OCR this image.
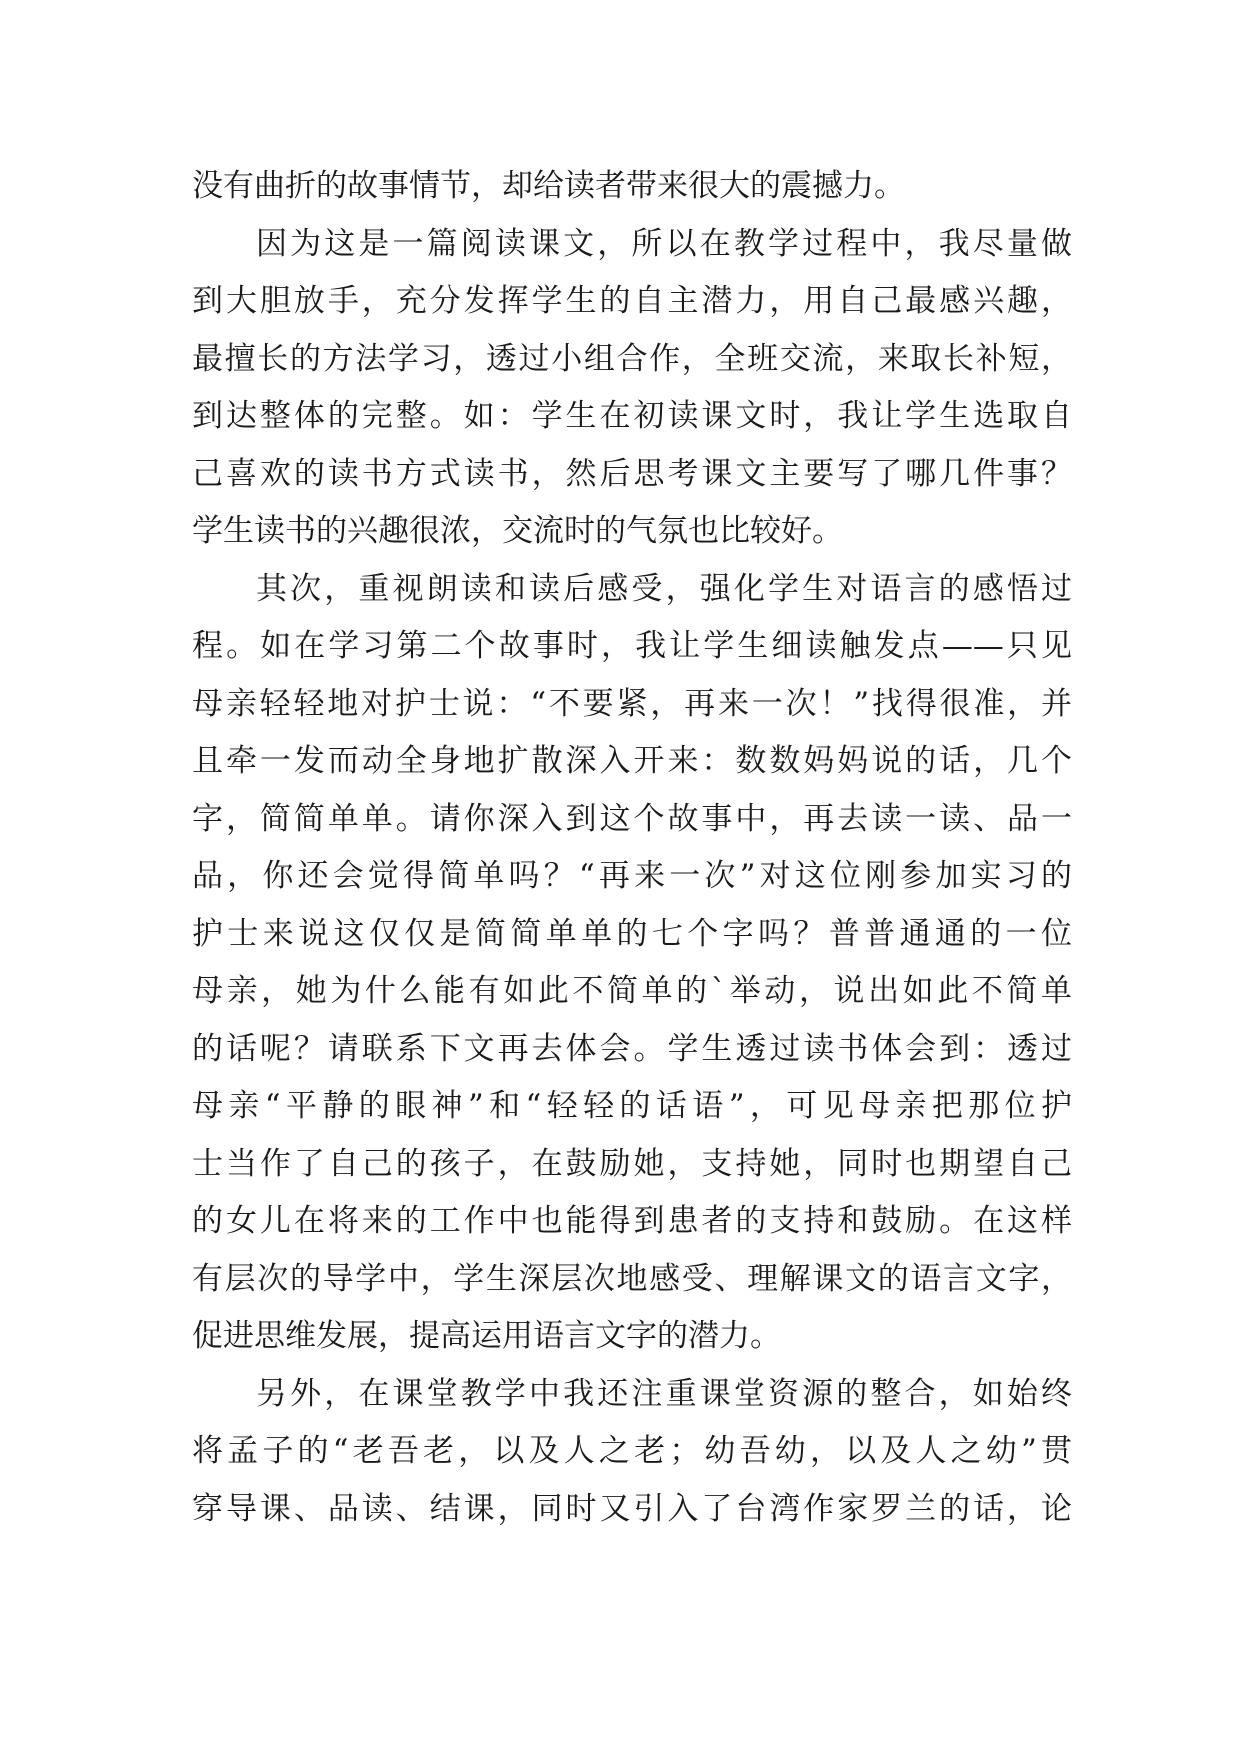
没有曲折的故事情节，却给读者带来很大的震撼力。
因为这是一篇阅读课文，所以在教学过程中，我尽量做
到大胆放手，充分发挥学生的自主潜力，用自己最感兴趣，
最擅长的方法学习，透过小组合作，全班交流，来取长补短，
到达整体的完整。如：学生在初读课文时，我让学生选取自
己喜欢的读书方式读书，然后思考课文主要写了哪几件事？
学生读书的兴趣很浓，交流时的气氛也比较好。
其次，重视朗读和读后感受，强化学生对语言的感悟过
程。如在学习第二个故事时，我让学生细读触发点——只见
母亲轻轻地对护士说：“不要紧，再来一次！”找得很准，并
且牵一发而动全身地扩散深入开来：数数妈妈说的话，几个
字，简简单单。请你深入到这个故事中，再去读一读、品一
品，你还会觉得简单吗？“再来一次”对这位刚参加实习的
护士来说这仅仅是简简单单的七个字吗？普普通通的一位
母亲，她为什么能有如此不简单的`举动，说出如此不简单
的话呢？请联系下文再去体会。学生透过读书体会到：透过
母亲“平静的眼神”和“轻轻的话语”，可见母亲把那位护
士当作了自己的孩子，在鼓励她，支持她，同时也期望自己
的女儿在将来的工作中也能得到患者的支持和鼓励。在这样
有层次的导学中，学生深层次地感受、理解课文的语言文字，
促进思维发展，提高运用语言文字的潜力。
另外，在课堂教学中我还注重课堂资源的整合，如始终
将孟子的“老吾老，以及人之老；幼吾幼，以及人之幼”贯
穿导课、品读、结课，同时又引入了台湾作家罗兰的话，论
